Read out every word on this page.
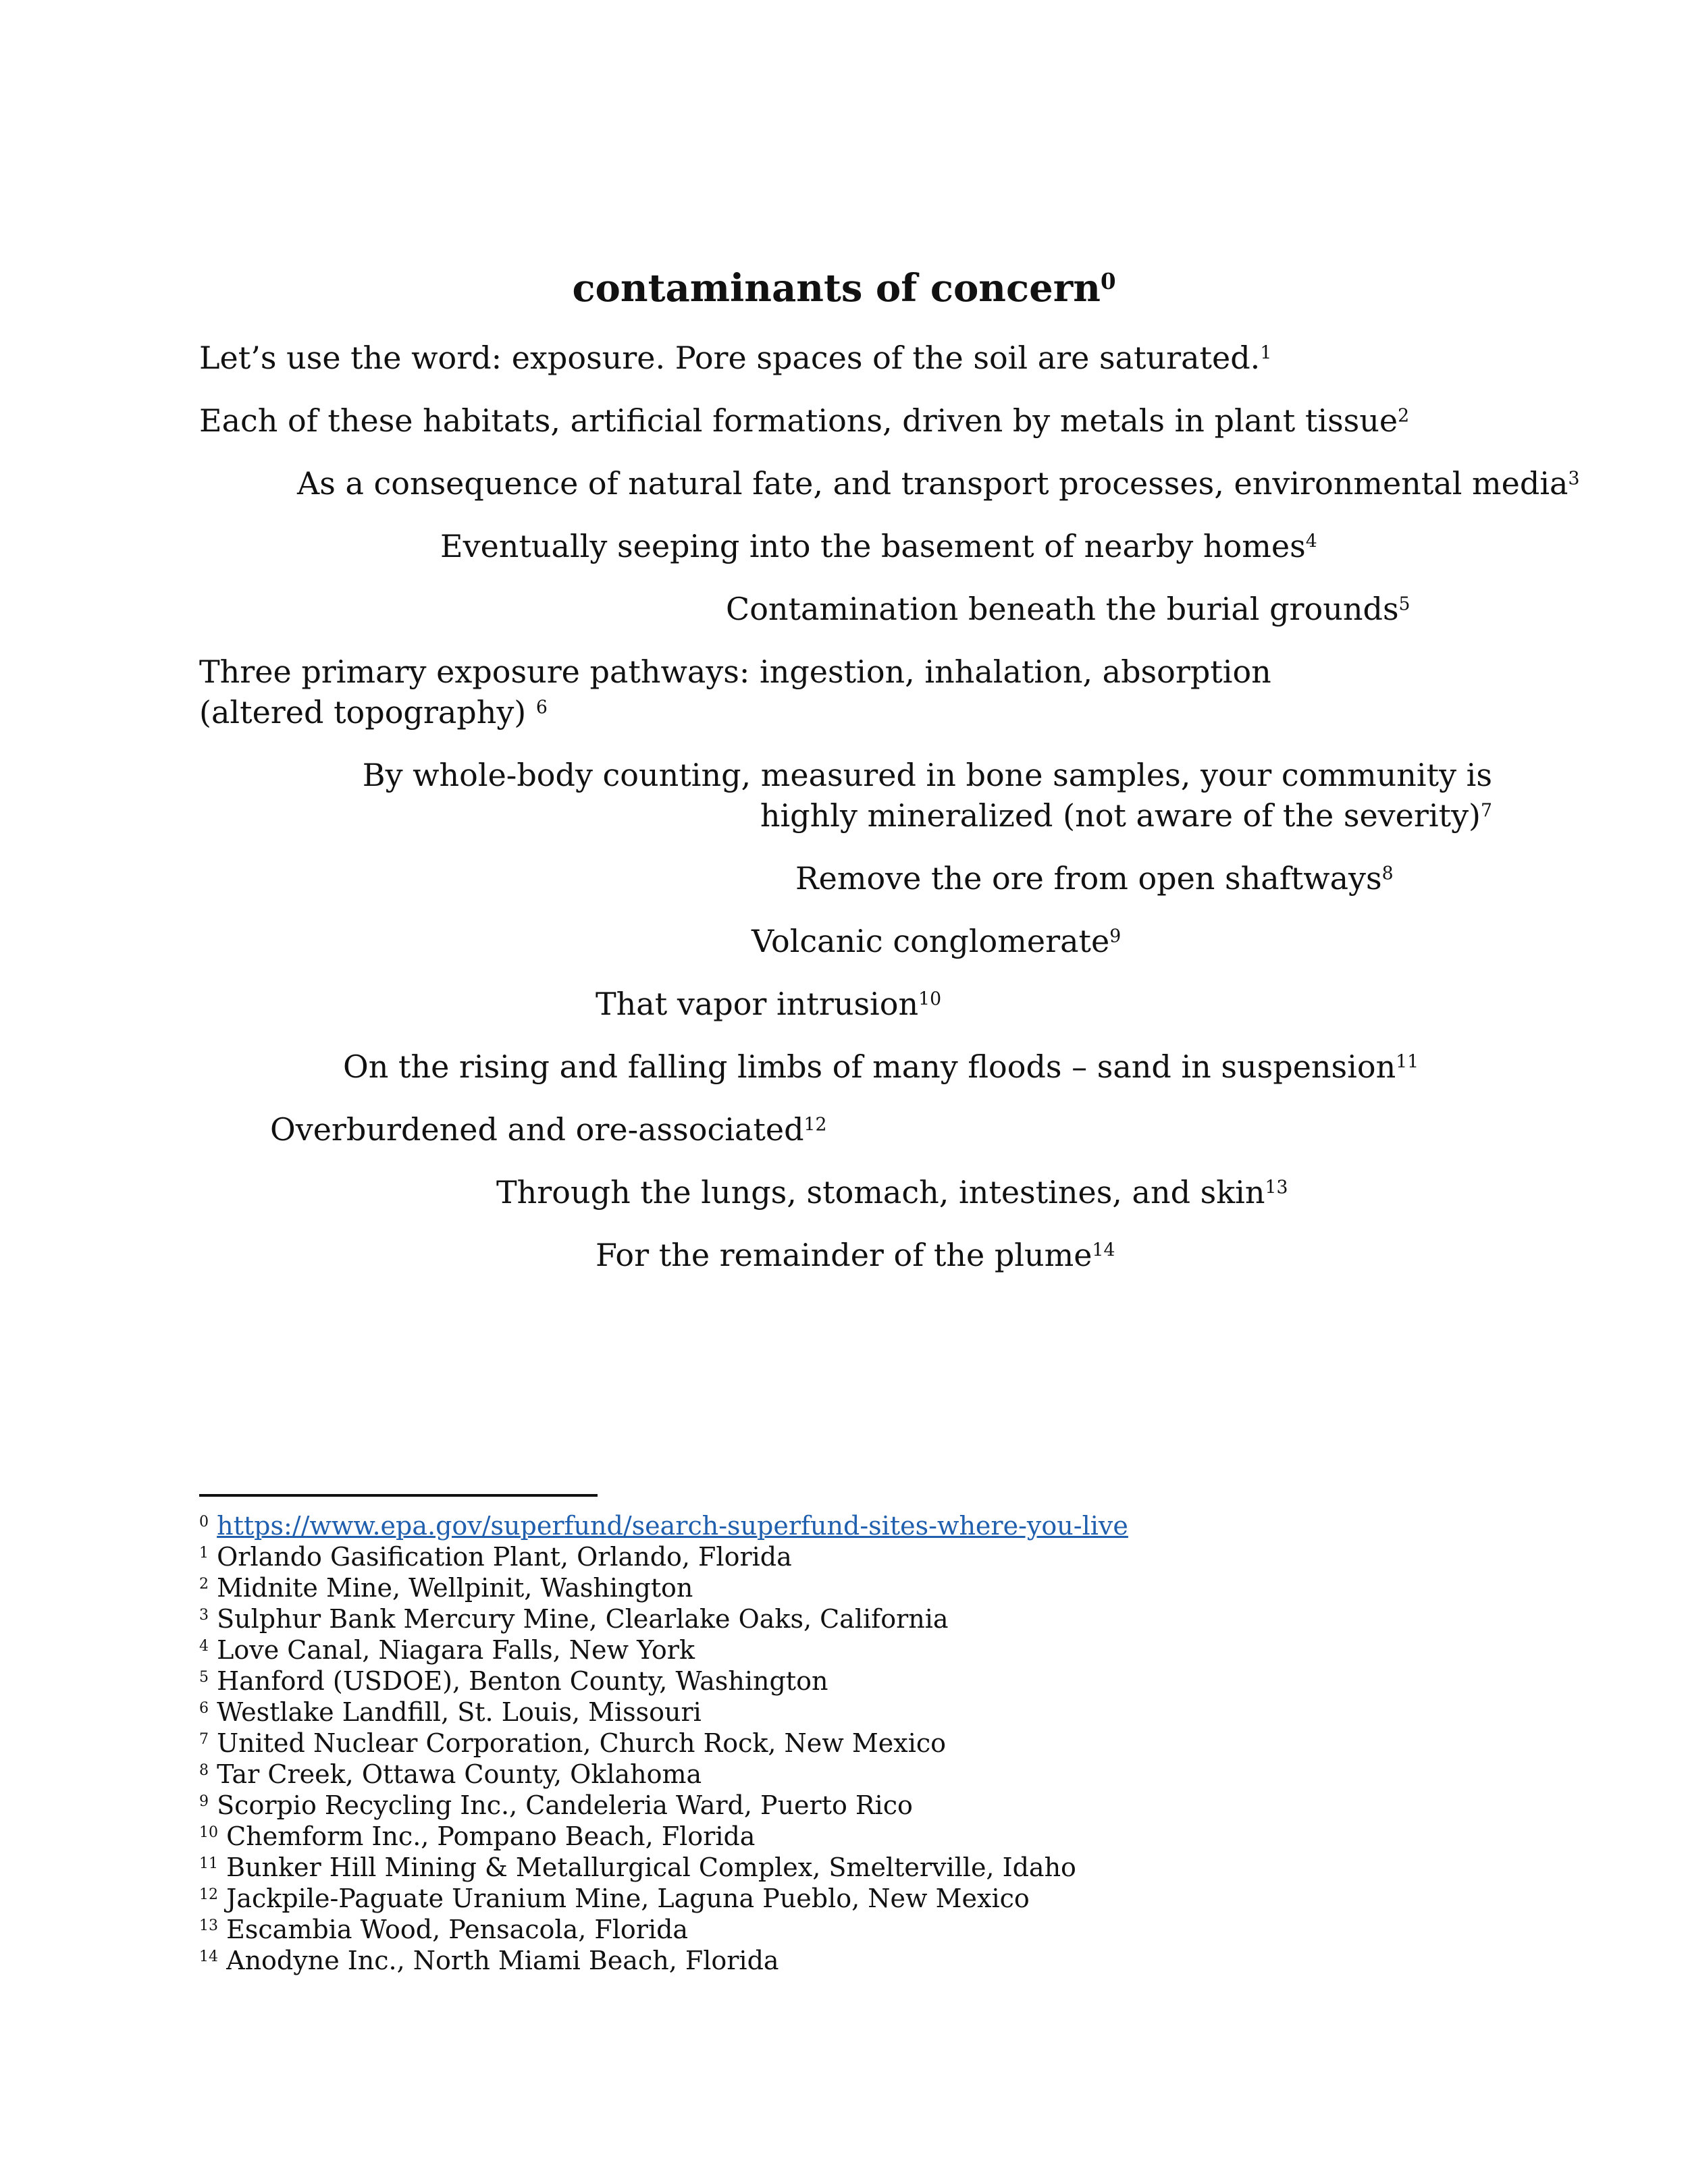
contaminants of concern$^0$
Let’s use the word: exposure. Pore spaces of the soil are saturated.$^1$
Each of these habitats, artificial formations, driven by metals in plant tissue$^2$
As a consequence of natural fate, and transport processes, environmental media$^3$
Eventually seeping into the basement of nearby homes$^4$
Contamination beneath the burial grounds$^5$
Three primary exposure pathways: ingestion, inhalation, absorption (altered topography) $^6$
By whole-body counting, measured in bone samples, your community is highly mineralized (not aware of the severity)$^7$
Remove the ore from open shaftways$^8$
Volcanic conglomerate$^9$
That vapor intrusion$^{10}$
On the rising and falling limbs of many floods – sand in suspension$^{11}$
Overburdened and ore-associated$^{12}$
Through the lungs, stomach, intestines, and skin$^{13}$
For the remainder of the plume$^{14}$
$^0$ https://www.epa.gov/superfund/search-superfund-sites-where-you-live
$^1$ Orlando Gasification Plant, Orlando, Florida
$^2$ Midnite Mine, Wellpinit, Washington
$^3$ Sulphur Bank Mercury Mine, Clearlake Oaks, California
$^4$ Love Canal, Niagara Falls, New York
$^5$ Hanford (USDOE), Benton County, Washington
$^6$ Westlake Landfill, St. Louis, Missouri
$^7$ United Nuclear Corporation, Church Rock, New Mexico
$^8$ Tar Creek, Ottawa County, Oklahoma
$^9$ Scorpio Recycling Inc., Candeleria Ward, Puerto Rico
$^{10}$ Chemform Inc., Pompano Beach, Florida
$^{11}$ Bunker Hill Mining & Metallurgical Complex, Smelterville, Idaho
$^{12}$ Jackpile-Paguate Uranium Mine, Laguna Pueblo, New Mexico
$^{13}$ Escambia Wood, Pensacola, Florida
$^{14}$ Anodyne Inc., North Miami Beach, Florida
